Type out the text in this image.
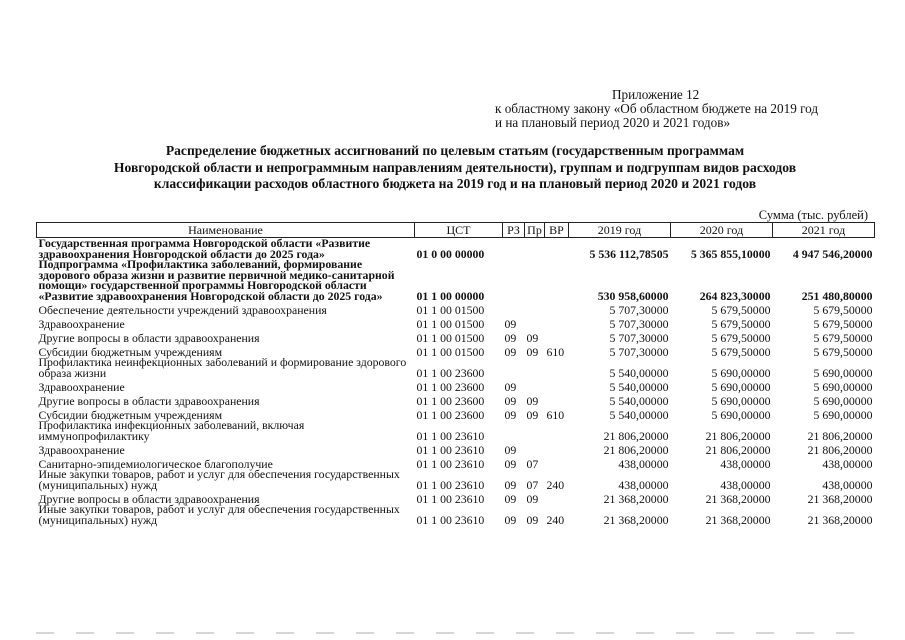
Приложение 12
к областному закону «Об областном бюджете на 2019 год
и на плановый период 2020 и 2021 годов»
Распределение бюджетных ассигнований по целевым статьям (государственным программам
Новгородской области и непрограммным направлениям деятельности), группам и подгруппам видов расходов
классификации расходов областного бюджета на 2019 год и на плановый период 2020 и 2021 годов
Сумма (тыс. рублей)
Наименование	ЦСТ	РЗ	Пр	ВР	2019 год	2020 год	2021 год
Государственная программа Новгородской области «Развитие здравоохранения Новгородской области до 2025 года»	01 0 00 00000				5 536 112,78505	5 365 855,10000	4 947 546,20000
Подпрограмма «Профилактика заболеваний, формирование здорового образа жизни и развитие первичной медико-санитарной помощи» государственной программы Новгородской области «Развитие здравоохранения Новгородской области до 2025 года»	01 1 00 00000				530 958,60000	264 823,30000	251 480,80000
Обеспечение деятельности учреждений здравоохранения	01 1 00 01500				5 707,30000	5 679,50000	5 679,50000
Здравоохранение	01 1 00 01500	09			5 707,30000	5 679,50000	5 679,50000
Другие вопросы в области здравоохранения	01 1 00 01500	09	09		5 707,30000	5 679,50000	5 679,50000
Субсидии бюджетным учреждениям	01 1 00 01500	09	09	610	5 707,30000	5 679,50000	5 679,50000
Профилактика неинфекционных заболеваний и формирование здорового образа жизни	01 1 00 23600				5 540,00000	5 690,00000	5 690,00000
Здравоохранение	01 1 00 23600	09			5 540,00000	5 690,00000	5 690,00000
Другие вопросы в области здравоохранения	01 1 00 23600	09	09		5 540,00000	5 690,00000	5 690,00000
Субсидии бюджетным учреждениям	01 1 00 23600	09	09	610	5 540,00000	5 690,00000	5 690,00000
Профилактика инфекционных заболеваний, включая иммунопрофилактику	01 1 00 23610				21 806,20000	21 806,20000	21 806,20000
Здравоохранение	01 1 00 23610	09			21 806,20000	21 806,20000	21 806,20000
Санитарно-эпидемиологическое благополучие	01 1 00 23610	09	07		438,00000	438,00000	438,00000
Иные закупки товаров, работ и услуг для обеспечения государственных (муниципальных) нужд	01 1 00 23610	09	07	240	438,00000	438,00000	438,00000
Другие вопросы в области здравоохранения	01 1 00 23610	09	09		21 368,20000	21 368,20000	21 368,20000
Иные закупки товаров, работ и услуг для обеспечения государственных (муниципальных) нужд	01 1 00 23610	09	09	240	21 368,20000	21 368,20000	21 368,20000
